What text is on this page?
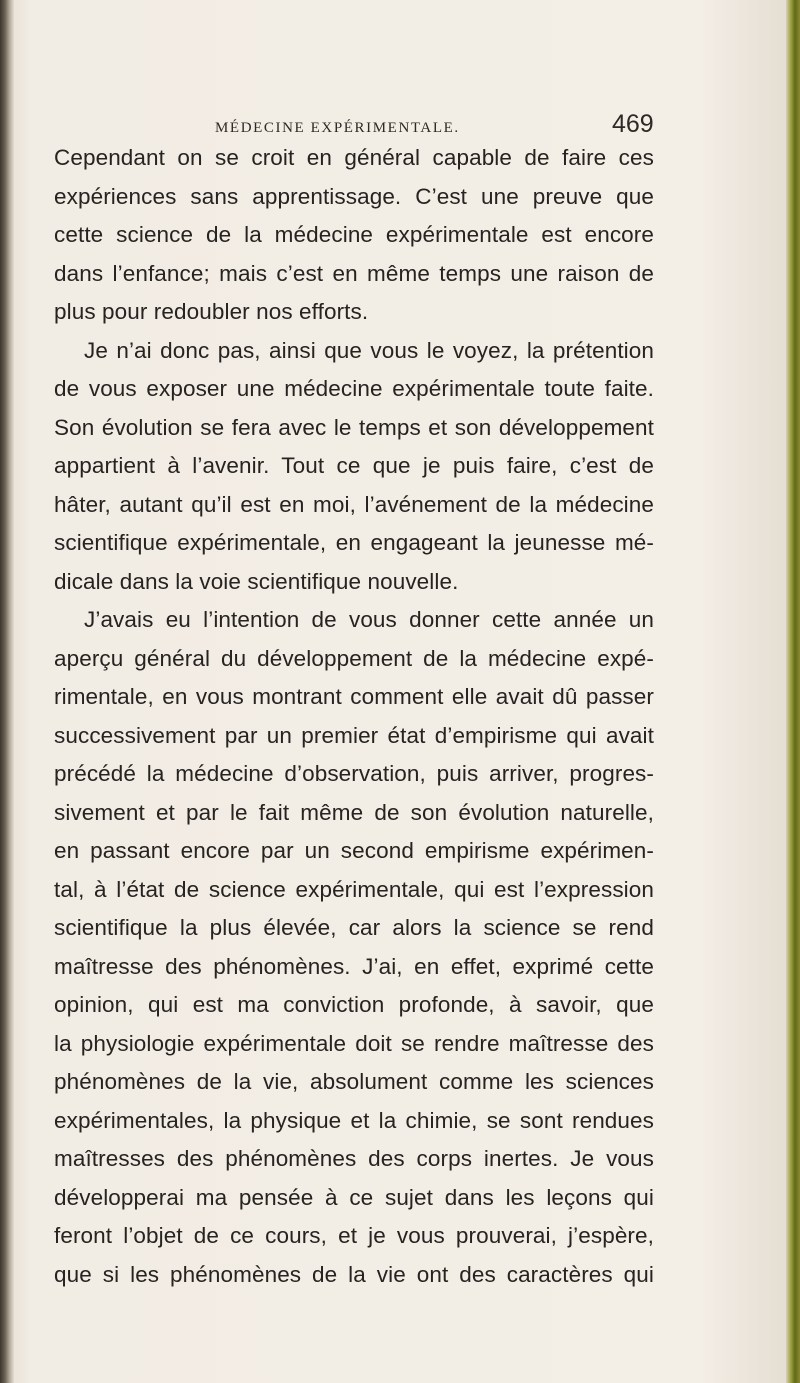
MÉDECINE EXPÉRIMENTALE.	469
Cependant on se croit en général capable de faire ces
expériences sans apprentissage. C’est une preuve que
cette science de la médecine expérimentale est encore
dans l’enfance; mais c’est en même temps une raison de
plus pour redoubler nos efforts.
Je n’ai donc pas, ainsi que vous le voyez, la prétention
de vous exposer une médecine expérimentale toute faite.
Son évolution se fera avec le temps et son développement
appartient à l’avenir. Tout ce que je puis faire, c’est de
hâter, autant qu’il est en moi, l’avénement de la médecine
scientifique expérimentale, en engageant la jeunesse mé-
dicale dans la voie scientifique nouvelle.
J’avais eu l’intention de vous donner cette année un
aperçu général du développement de la médecine expé-
rimentale, en vous montrant comment elle avait dû passer
successivement par un premier état d’empirisme qui avait
précédé la médecine d’observation, puis arriver, progres-
sivement et par le fait même de son évolution naturelle,
en passant encore par un second empirisme expérimen-
tal, à l’état de science expérimentale, qui est l’expression
scientifique la plus élevée, car alors la science se rend
maîtresse des phénomènes. J’ai, en effet, exprimé cette
opinion, qui est ma conviction profonde, à savoir, que
la physiologie expérimentale doit se rendre maîtresse des
phénomènes de la vie, absolument comme les sciences
expérimentales, la physique et la chimie, se sont rendues
maîtresses des phénomènes des corps inertes. Je vous
développerai ma pensée à ce sujet dans les leçons qui
feront l’objet de ce cours, et je vous prouverai, j’espère,
que si les phénomènes de la vie ont des caractères qui
